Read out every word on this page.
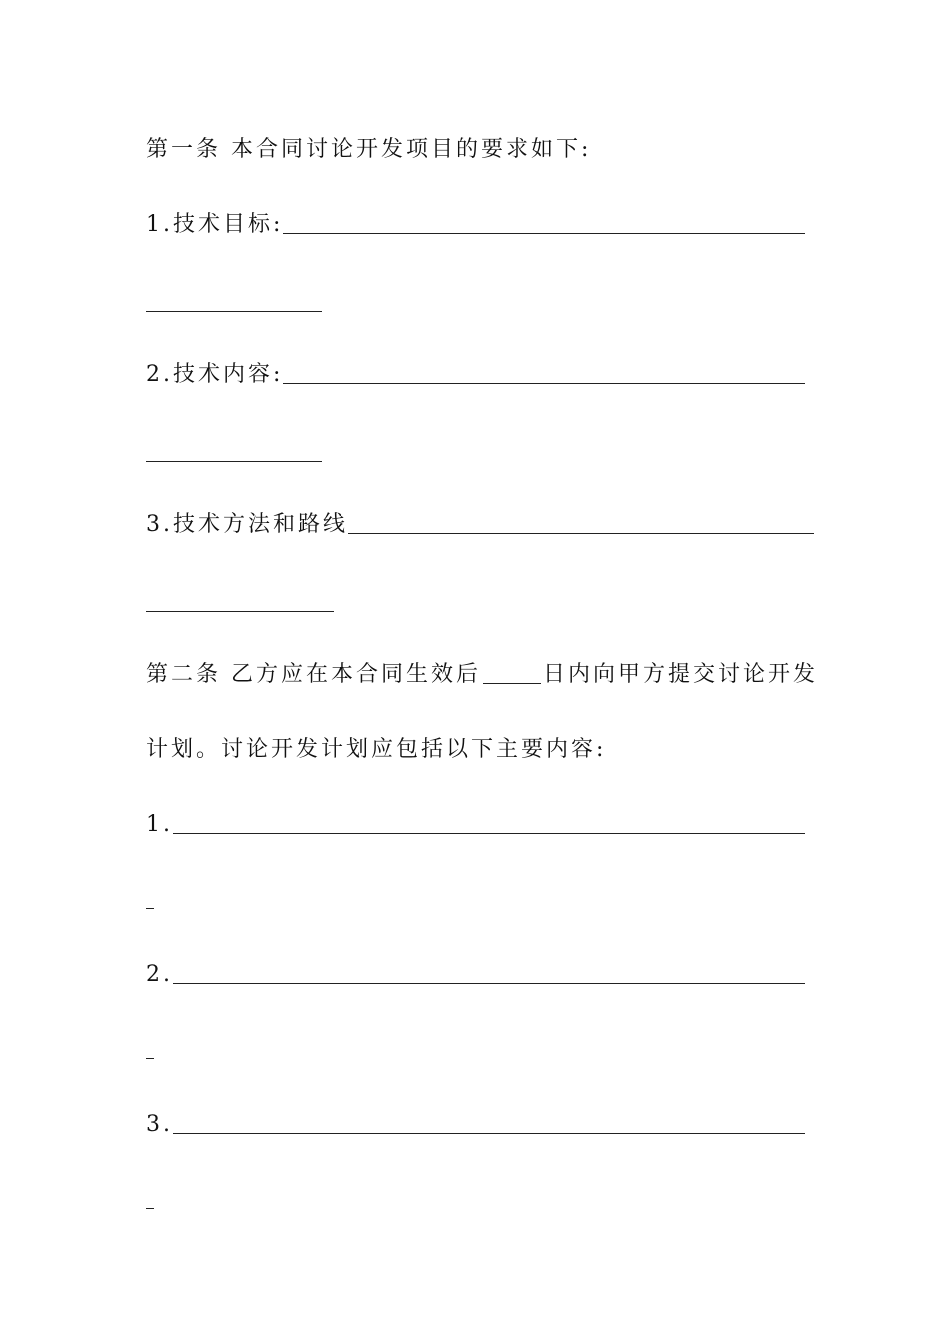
第一条 本合同讨论开发项目的要求如下:
1.技术目标:
2.技术内容:
3.技术方法和路线
第二条 乙方应在本合同生效后	日内向甲方提交讨论开发
计划。讨论开发计划应包括以下主要内容:
1.
2.
3.
